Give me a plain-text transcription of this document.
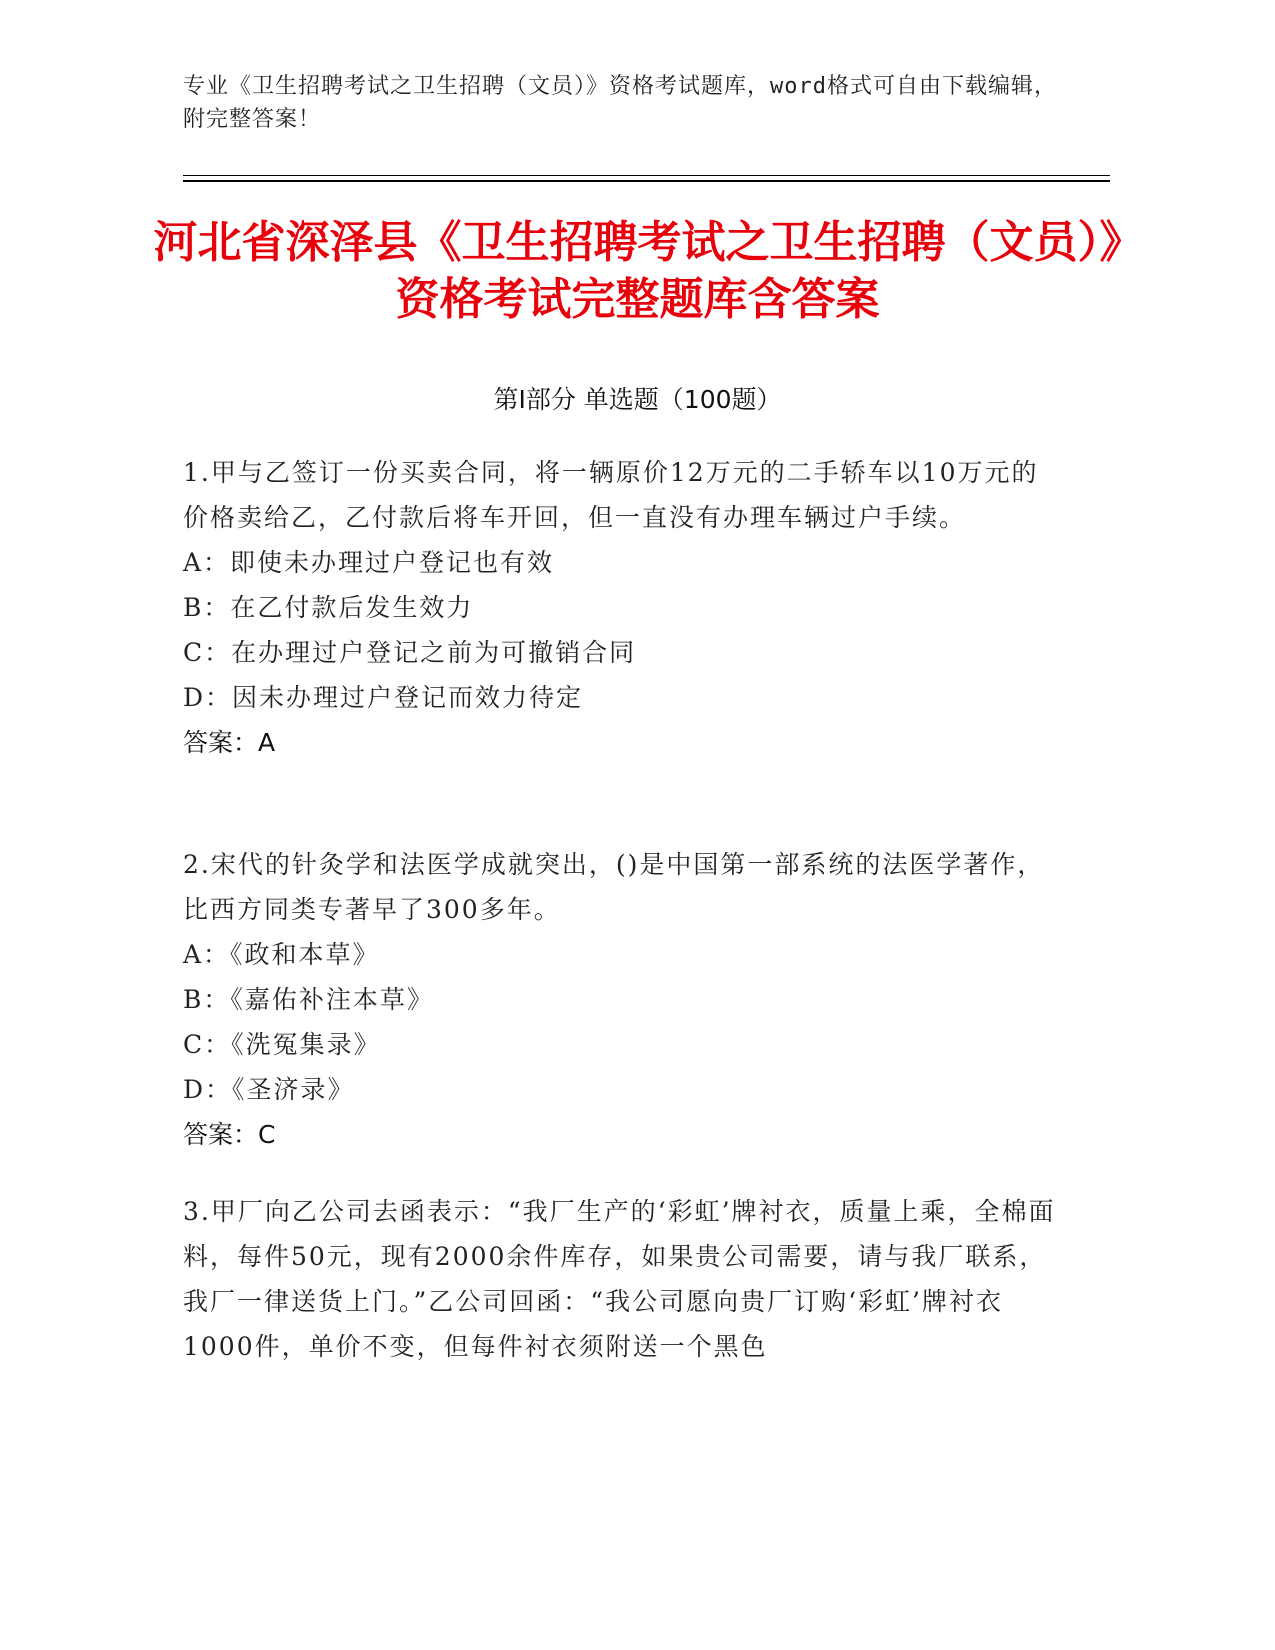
专业《卫生招聘考试之卫生招聘（文员）》资格考试题库，word格式可自由下载编辑，附完整答案！
河北省深泽县《卫生招聘考试之卫生招聘（文员）》资格考试完整题库含答案
第Ⅰ部分 单选题（100题）
1.甲与乙签订一份买卖合同，将一辆原价12万元的二手轿车以10万元的价格卖给乙，乙付款后将车开回，但一直没有办理车辆过户手续。
A：即使未办理过户登记也有效
B：在乙付款后发生效力
C：在办理过户登记之前为可撤销合同
D：因未办理过户登记而效力待定
答案：A
2.宋代的针灸学和法医学成就突出，()是中国第一部系统的法医学著作，比西方同类专著早了300多年。
A：《政和本草》
B：《嘉佑补注本草》
C：《洗冤集录》
D：《圣济录》
答案：C
3.甲厂向乙公司去函表示：“我厂生产的‘彩虹’牌衬衣，质量上乘，全棉面料，每件50元，现有2000余件库存，如果贵公司需要，请与我厂联系，我厂一律送货上门。”乙公司回函：“我公司愿向贵厂订购‘彩虹’牌衬衣1000件，单价不变，但每件衬衣须附送一个黑色
